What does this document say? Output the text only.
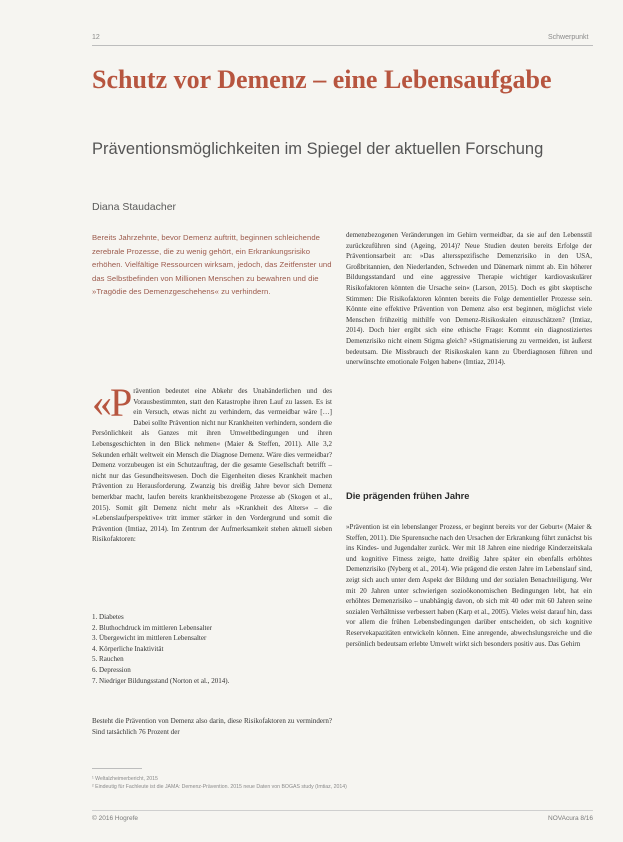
12	Schwerpunkt
Schutz vor Demenz – eine Lebensaufgabe
Präventionsmöglichkeiten im Spiegel der aktuellen Forschung
Diana Staudacher
Bereits Jahrzehnte, bevor Demenz auftritt, beginnen schleichende zerebrale Prozesse, die zu wenig gehört, ein Erkrankungsrisiko erhöhen. Vielfältige Ressourcen wirksam, jedoch, das Zeitfenster und das Selbstbefinden von Millionen Menschen zu bewahren und die »Tragödie des Demenzgeschehens« zu verhindern.
«P rävention bedeutet eine Abkehr des Unabänderlichen und des Vorausbestimmten, statt den Katastrophe ihren Lauf zu lassen. Es ist ein Versuch, etwas nicht zu verhindern, das vermeidbar wäre […] Dabei sollte Prävention nicht nur Krankheiten verhindern, sondern die Persönlichkeit als Ganzes mit ihren Umweltbedingungen und ihren Lebensgeschichten in den Blick nehmen« (Maier & Steffen, 2011). Alle 3,2 Sekunden erhält weltweit ein Mensch die Diagnose Demenz. Wäre dies vermeidbar? Demenz vorzubeugen ist ein Schutzauftrag, der die gesamte Gesellschaft betrifft – nicht nur das Gesundheitswesen. Doch die Eigenheiten dieses Krankheit machen Prävention zu Herausforderung. Zwanzig bis dreißig Jahre bevor sich Demenz bemerkbar macht, laufen bereits krankheitsbezogene Prozesse ab (Skogen et al., 2015). Somit gilt Demenz nicht mehr als »Krankheit des Alters« – die »Lebenslaufperspektive« tritt immer stärker in den Vordergrund und somit die Prävention (Imtiaz, 2014). Im Zentrum der Aufmerksamkeit stehen aktuell sieben Risikofaktoren:

1. Diabetes
2. Bluthochdruck im mittleren Lebensalter
3. Übergewicht im mittleren Lebensalter
4. Körperliche Inaktivität
5. Rauchen
6. Depression
7. Niedriger Bildungsstand (Norton et al., 2014).

Besteht die Prävention von Demenz also darin, diese Risikofaktoren zu vermindern? Sind tatsächlich 76 Prozent der

demenzbezogenen Veränderungen im Gehirn vermeidbar, da sie auf den Lebensstil zurückzuführen sind (Ageing, 2014)? Neue Studien deuten bereits Erfolge der Präventionsarbeit an: »Das altersspezifische Demenzrisiko in den USA, Großbritannien, den Niederlanden, Schweden und Dänemark nimmt ab. Ein höherer Bildungsstandard und eine aggressive Therapie wichtiger kardiovaskulärer Risikofaktoren könnten die Ursache sein« (Larson, 2015). Doch es gibt skeptische Stimmen: Die Risikofaktoren könnten bereits die Folge dementieller Prozesse sein. Könnte eine effektive Prävention von Demenz also erst beginnen, möglichst viele Menschen frühzeitig mithilfe von Demenz-Risikoskalen einzuschätzen? (Imtiaz, 2014). Doch hier ergibt sich eine ethische Frage: Kommt ein diagnostiziertes Demenzrisiko nicht einem Stigma gleich? »Stigmatisierung zu vermeiden, ist äußerst bedeutsam. Die Missbrauch der Risikoskalen kann zu Überdiagnosen führen und unerwünschte emotionale Folgen haben« (Imtiaz, 2014).

Die prägenden frühen Jahre

»Prävention ist ein lebenslanger Prozess, er beginnt bereits vor der Geburt« (Maier & Steffen, 2011). Die Spurensuche nach den Ursachen der Erkrankung führt zunächst bis ins Kindes- und Jugendalter zurück. Wer mit 18 Jahren eine niedrige Kinderzeitskala und kognitive Fitness zeigte, hatte dreißig Jahre später ein ebenfalls erhöhtes Demenzrisiko (Nyberg et al., 2014). Wie prägend die ersten Jahre im Lebenslauf sind, zeigt sich auch unter dem Aspekt der Bildung und der sozialen Benachteiligung. Wer mit 20 Jahren unter schwierigen sozioökonomischen Bedingungen lebt, hat ein erhöhtes Demenzrisiko – unabhängig davon, ob sich mit 40 oder mit 60 Jahren seine sozialen Verhältnisse verbessert haben (Karp et al., 2005). Vieles weist darauf hin, dass vor allem die frühen Lebensbedingungen darüber entscheiden, ob sich kognitive Reservekapazitäten entwickeln können. Eine anregende, abwechslungsreiche und die persönlich bedeutsam erlebte Umwelt wirkt sich besonders positiv aus. Das Gehirn

¹ Weltalzheimerbericht, 2015
² Eindeutig für Fachleute ist die JAMA: Demenz-Prävention. 2015 neue Daten von BOGAS study (Imtiaz, 2014)
© 2016 Hogrefe	NOVAcura 8/16
